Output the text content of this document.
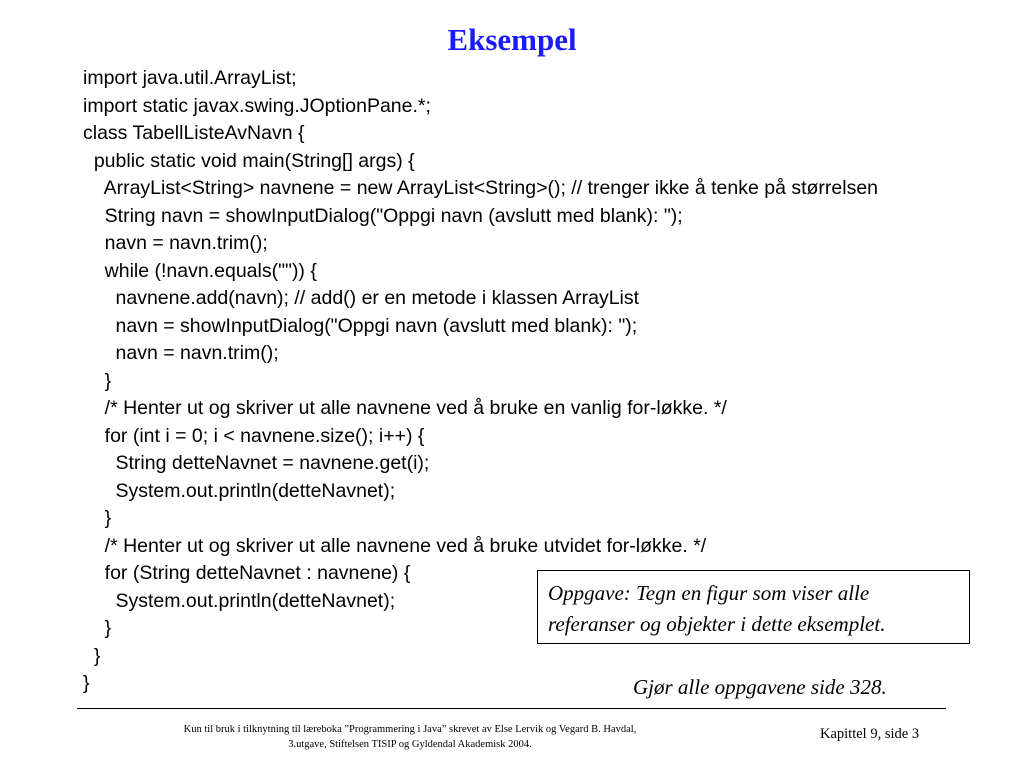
Eksempel
import java.util.ArrayList;
import static javax.swing.JOptionPane.*;
class TabellListeAvNavn {
public static void main(String[] args) {
ArrayList<String> navnene = new ArrayList<String>(); // trenger ikke å tenke på størrelsen
String navn = showInputDialog("Oppgi navn (avslutt med blank): ");
navn = navn.trim();
while (!navn.equals("")) {
navnene.add(navn); // add() er en metode i klassen ArrayList
navn = showInputDialog("Oppgi navn (avslutt med blank): ");
navn = navn.trim();
}
/* Henter ut og skriver ut alle navnene ved å bruke en vanlig for-løkke. */
for (int i = 0; i < navnene.size(); i++) {
String detteNavnet = navnene.get(i);
System.out.println(detteNavnet);
}
/* Henter ut og skriver ut alle navnene ved å bruke utvidet for-løkke. */
for (String detteNavnet : navnene) {
System.out.println(detteNavnet);
}
}
}
Oppgave: Tegn en figur som viser alle
referanser og objekter i dette eksemplet.
Gjør alle oppgavene side 328.
Kun til bruk i tilknytning til læreboka ”Programmering i Java” skrevet av Else Lervik og Vegard B. Havdal,
3.utgave, Stiftelsen TISIP og Gyldendal Akademisk 2004.
Kapittel 9, side 3
